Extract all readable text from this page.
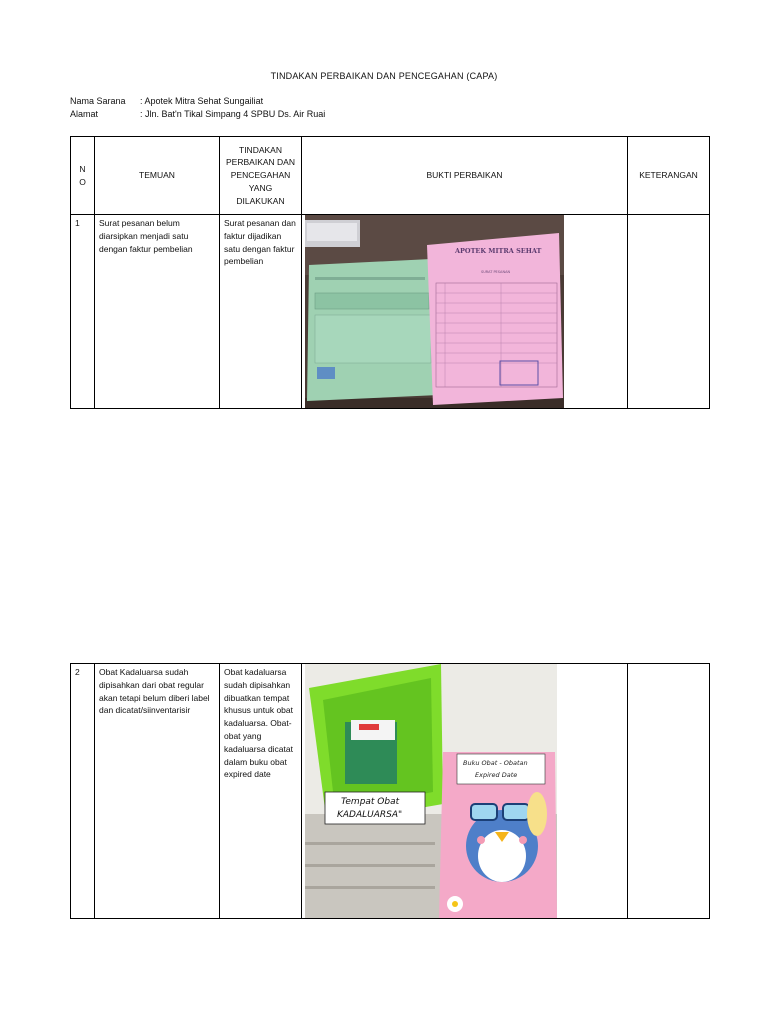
TINDAKAN PERBAIKAN DAN PENCEGAHAN (CAPA)
Nama Sarana : Apotek Mitra Sehat Sungailiat
Alamat	: Jln. Bat'n Tikal Simpang 4 SPBU Ds. Air Ruai
N O	TEMUAN	TINDAKAN PERBAIKAN DAN PENCEGAHAN YANG DILAKUKAN	BUKTI PERBAIKAN	KETERANGAN
1	Surat pesanan belum diarsipkan menjadi satu dengan faktur pembelian	Surat pesanan dan faktur dijadikan satu dengan faktur pembelian	APOTEK MITRA SEHAT
SURAT PESANAN	

2	Obat Kadaluarsa sudah dipisahkan dari obat regular akan tetapi belum diberi label dan dicatat/siinventarisir	Obat kadaluarsa sudah dipisahkan dibuatkan tempat khusus untuk obat kadaluarsa. Obat-obat yang kadaluarsa dicatat dalam buku obat expired date	
Tempat Obat
KADALUARSA"
Buku Obat - Obatan
Expired Date
